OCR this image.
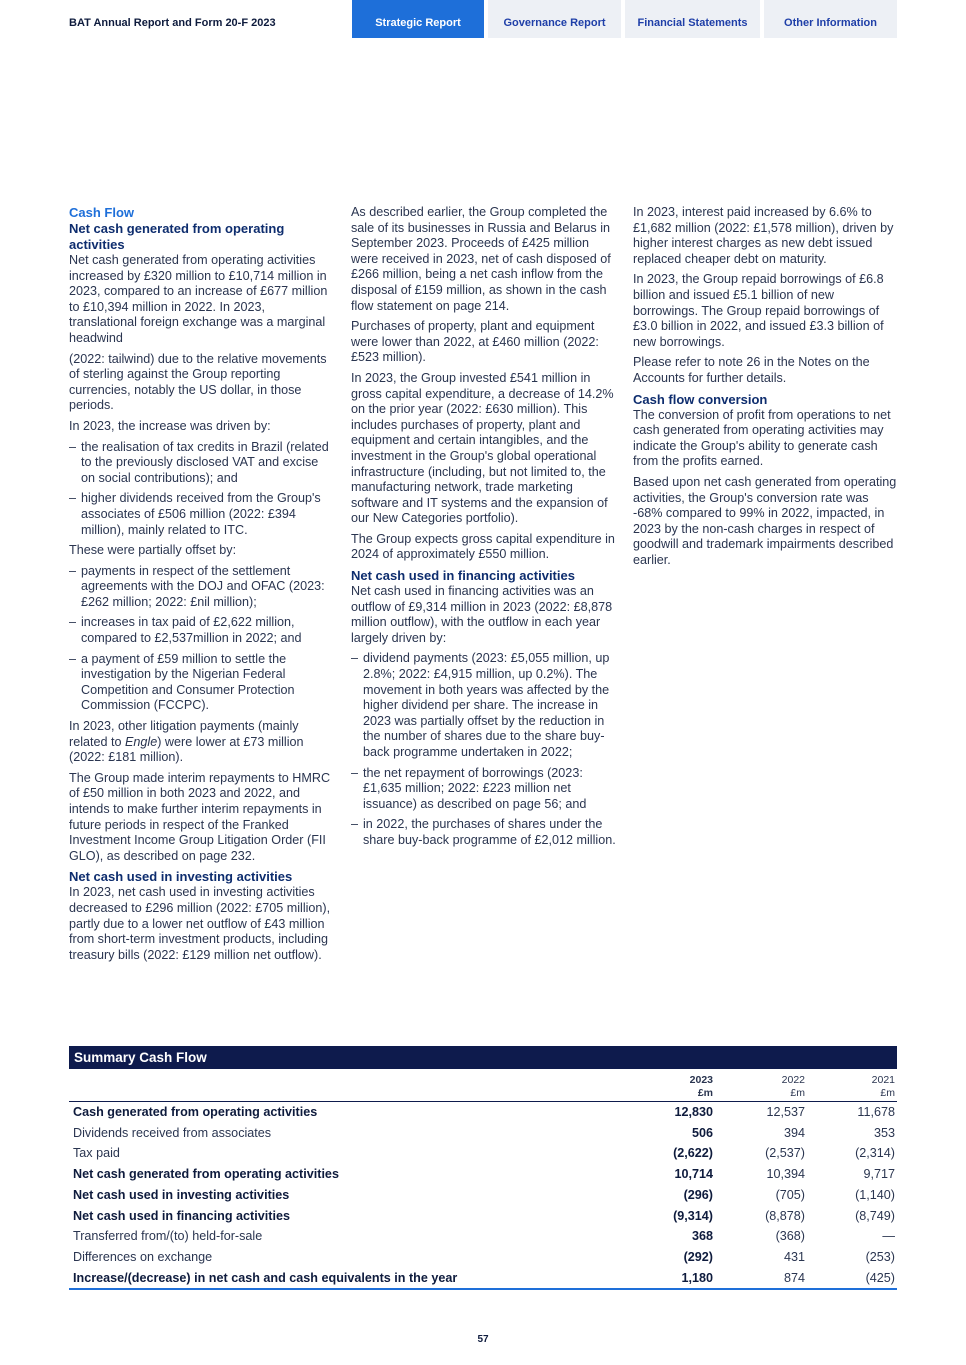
BAT Annual Report and Form 20-F 2023	Strategic Report	Governance Report	Financial Statements	Other Information
Cash Flow
Net cash generated from operating activities

Net cash generated from operating activities increased by £320 million to £10,714 million in 2023, compared to an increase of £677 million to £10,394 million in 2022. In 2023, translational foreign exchange was a marginal headwind

(2022: tailwind) due to the relative movements of sterling against the Group reporting currencies, notably the US dollar, in those periods.

In 2023, the increase was driven by:

– the realisation of tax credits in Brazil (related to the previously disclosed VAT and excise on social contributions); and
– higher dividends received from the Group's associates of £506 million (2022: £394 million), mainly related to ITC.

These were partially offset by:

– payments in respect of the settlement agreements with the DOJ and OFAC (2023: £262 million; 2022: £nil million);
– increases in tax paid of £2,622 million, compared to £2,537million in 2022; and
– a payment of £59 million to settle the investigation by the Nigerian Federal Competition and Consumer Protection Commission (FCCPC).

In 2023, other litigation payments (mainly related to Engle) were lower at £73 million (2022: £181 million).

The Group made interim repayments to HMRC of £50 million in both 2023 and 2022, and intends to make further interim repayments in future periods in respect of the Franked Investment Income Group Litigation Order (FII GLO), as described on page 232.

Net cash used in investing activities

In 2023, net cash used in investing activities decreased to £296 million (2022: £705 million), partly due to a lower net outflow of £43 million from short-term investment products, including treasury bills (2022: £129 million net outflow).

As described earlier, the Group completed the sale of its businesses in Russia and Belarus in September 2023. Proceeds of £425 million were received in 2023, net of cash disposed of £266 million, being a net cash inflow from the disposal of £159 million, as shown in the cash flow statement on page 214.

Purchases of property, plant and equipment were lower than 2022, at £460 million (2022: £523 million).

In 2023, the Group invested £541 million in gross capital expenditure, a decrease of 14.2% on the prior year (2022: £630 million). This includes purchases of property, plant and equipment and certain intangibles, and the investment in the Group's global operational infrastructure (including, but not limited to, the manufacturing network, trade marketing software and IT systems and the expansion of our New Categories portfolio).

The Group expects gross capital expenditure in 2024 of approximately £550 million.

Net cash used in financing activities

Net cash used in financing activities was an outflow of £9,314 million in 2023 (2022: £8,878 million outflow), with the outflow in each year largely driven by:

– dividend payments (2023: £5,055 million, up 2.8%; 2022: £4,915 million, up 0.2%). The movement in both years was affected by the higher dividend per share. The increase in 2023 was partially offset by the reduction in the number of shares due to the share buy-back programme undertaken in 2022;
– the net repayment of borrowings (2023: £1,635 million; 2022: £223 million net issuance) as described on page 56; and
– in 2022, the purchases of shares under the share buy-back programme of £2,012 million.

In 2023, interest paid increased by 6.6% to £1,682 million (2022: £1,578 million), driven by higher interest charges as new debt issued replaced cheaper debt on maturity.

In 2023, the Group repaid borrowings of £6.8 billion and issued £5.1 billion of new borrowings. The Group repaid borrowings of £3.0 billion in 2022, and issued £3.3 billion of new borrowings.

Please refer to note 26 in the Notes on the Accounts for further details.

Cash flow conversion

The conversion of profit from operations to net cash generated from operating activities may indicate the Group's ability to generate cash from the profits earned.

Based upon net cash generated from operating activities, the Group's conversion rate was -68% compared to 99% in 2022, impacted, in 2023 by the non-cash charges in respect of goodwill and trademark impairments described earlier.

Summary Cash Flow

	2023
£m	2022
£m	2021
£m

Cash generated from operating activities	12,830	12,537	11,678
Dividends received from associates	506	394	353
Tax paid	(2,622)	(2,537)	(2,314)
Net cash generated from operating activities	10,714	10,394	9,717
Net cash used in investing activities	(296)	(705)	(1,140)
Net cash used in financing activities	(9,314)	(8,878)	(8,749)
Transferred from/(to) held-for-sale	368	(368)	—
Differences on exchange	(292)	431	(253)
Increase/(decrease) in net cash and cash equivalents in the year	1,180	874	(425)
57
